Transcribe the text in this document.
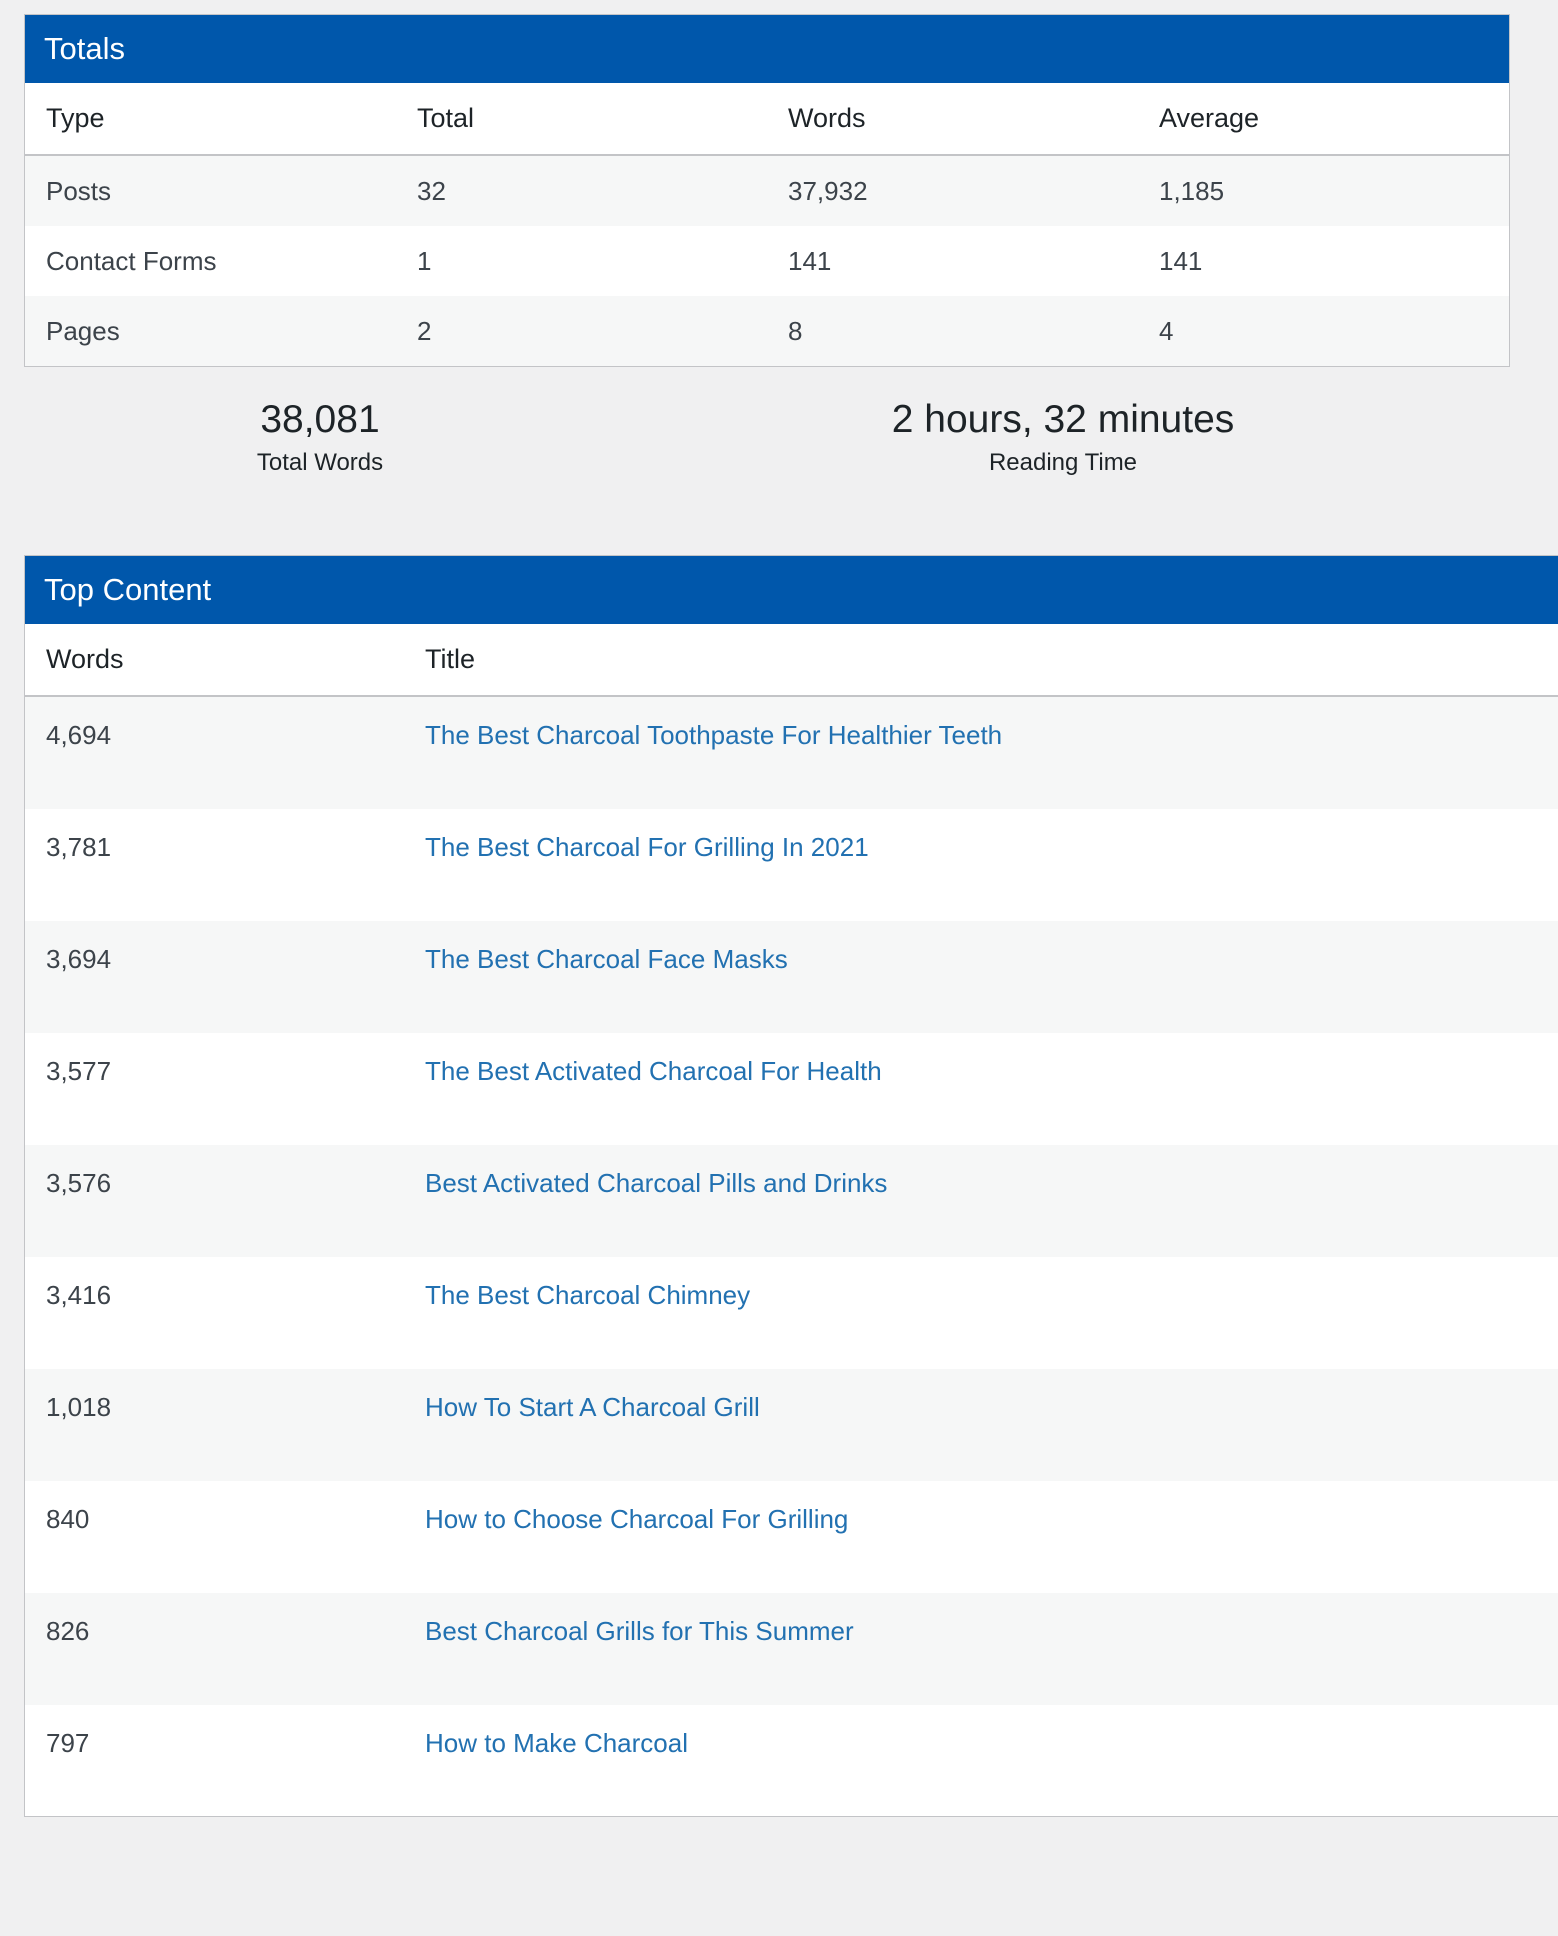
Totals
Type	Total	Words	Average
Posts	32	37,932	1,185
Contact Forms	1	141	141
Pages	2	8	4
38,081
Total Words
2 hours, 32 minutes
Reading Time
Top Content
Words	Title
4,694	The Best Charcoal Toothpaste For Healthier Teeth
3,781	The Best Charcoal For Grilling In 2021
3,694	The Best Charcoal Face Masks
3,577	The Best Activated Charcoal For Health
3,576	Best Activated Charcoal Pills and Drinks
3,416	The Best Charcoal Chimney
1,018	How To Start A Charcoal Grill
840	How to Choose Charcoal For Grilling
826	Best Charcoal Grills for This Summer
797	How to Make Charcoal
